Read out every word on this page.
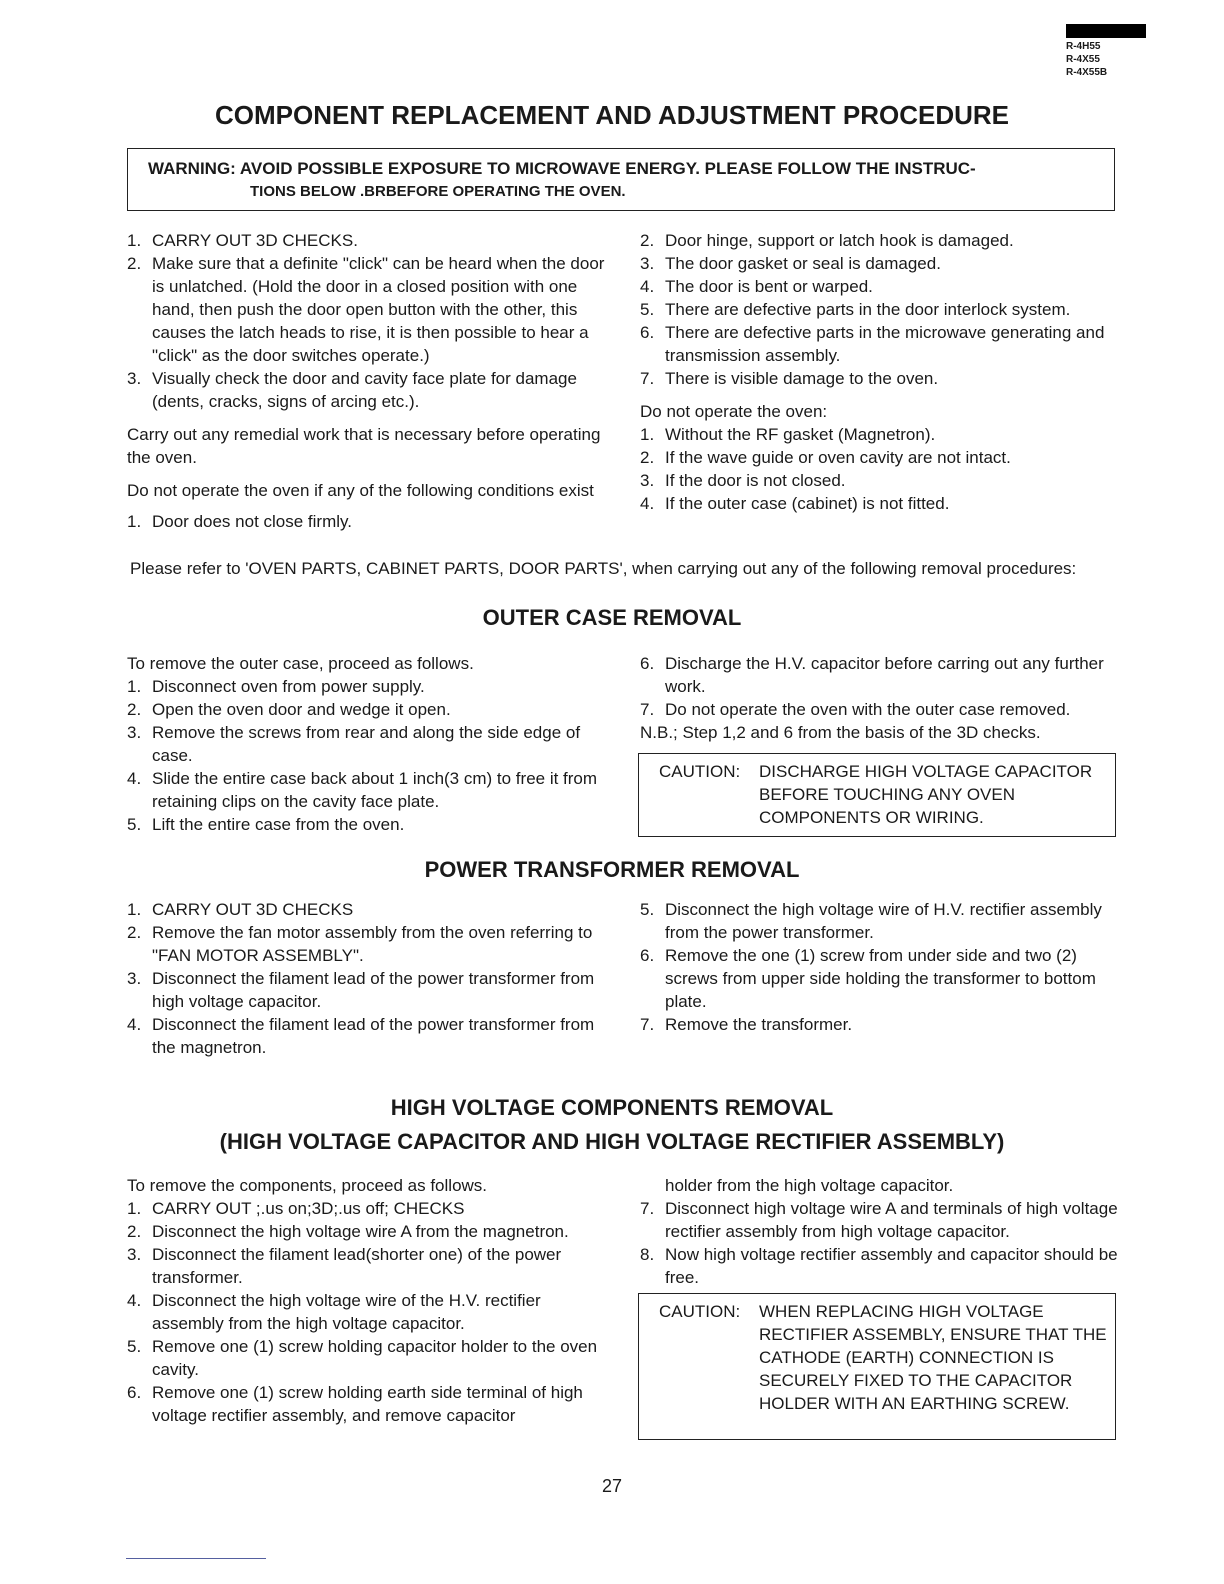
R-4H55
R-4X55
R-4X55B
COMPONENT REPLACEMENT AND ADJUSTMENT PROCEDURE
WARNING: AVOID POSSIBLE EXPOSURE TO MICROWAVE ENERGY. PLEASE FOLLOW THE INSTRUC-
TIONS BELOW .BRBEFORE OPERATING THE OVEN.
1. CARRY OUT 3D CHECKS.
2. Make sure that a definite "click" can be heard when the door is unlatched. (Hold the door in a closed position with one hand, then push the door open button with the other, this causes the latch heads to rise, it is then possible to hear a "click" as the door switches operate.)
3. Visually check the door and cavity face plate for damage (dents, cracks, signs of arcing etc.).
Carry out any remedial work that is necessary before operating the oven.
Do not operate the oven if any of the following conditions exist
1. Door does not close firmly.
2. Door hinge, support or latch hook is damaged.
3. The door gasket or seal is damaged.
4. The door is bent or warped.
5. There are defective parts in the door interlock system.
6. There are defective parts in the microwave generating and transmission assembly.
7. There is visible damage to the oven.
Do not operate the oven:
1. Without the RF gasket (Magnetron).
2. If the wave guide or oven cavity are not intact.
3. If the door is not closed.
4. If the outer case (cabinet) is not fitted.
Please refer to 'OVEN PARTS, CABINET PARTS, DOOR PARTS', when carrying out any of the following removal procedures:
OUTER CASE REMOVAL
To remove the outer case, proceed as follows.
1. Disconnect oven from power supply.
2. Open the oven door and wedge it open.
3. Remove the screws from rear and along the side edge of case.
4. Slide the entire case back about 1 inch(3 cm) to free it from retaining clips on the cavity face plate.
5. Lift the entire case from the oven.
6. Discharge the H.V. capacitor before carring out any further work.
7. Do not operate the oven with the outer case removed.
N.B.; Step 1,2 and 6 from the basis of the 3D checks.
CAUTION: DISCHARGE HIGH VOLTAGE CAPACITOR BEFORE TOUCHING ANY OVEN COMPONENTS OR WIRING.
POWER TRANSFORMER REMOVAL
1. CARRY OUT 3D CHECKS
2. Remove the fan motor assembly from the oven referring to "FAN MOTOR ASSEMBLY".
3. Disconnect the filament lead of the power transformer from high voltage capacitor.
4. Disconnect the filament lead of the power transformer from the magnetron.
5. Disconnect the high voltage wire of H.V. rectifier assembly from the power transformer.
6. Remove the one (1) screw from under side and two (2) screws from upper side holding the transformer to bottom plate.
7. Remove the transformer.
HIGH VOLTAGE COMPONENTS REMOVAL
(HIGH VOLTAGE CAPACITOR AND HIGH VOLTAGE RECTIFIER ASSEMBLY)
To remove the components, proceed as follows.
1. CARRY OUT ;.us on;3D;.us off; CHECKS
2. Disconnect the high voltage wire A from the magnetron.
3. Disconnect the filament lead(shorter one) of the power transformer.
4. Disconnect the high voltage wire of the H.V. rectifier assembly from the high voltage capacitor.
5. Remove one (1) screw holding capacitor holder to the oven cavity.
6. Remove one (1) screw holding earth side terminal of high voltage rectifier assembly, and remove capacitor
holder from the high voltage capacitor.
7. Disconnect high voltage wire A and terminals of high voltage rectifier assembly from high voltage capacitor.
8. Now high voltage rectifier assembly and capacitor should be free.
CAUTION: WHEN REPLACING HIGH VOLTAGE RECTIFIER ASSEMBLY, ENSURE THAT THE CATHODE (EARTH) CONNECTION IS SECURELY FIXED TO THE CAPACITOR HOLDER WITH AN EARTHING SCREW.
27
